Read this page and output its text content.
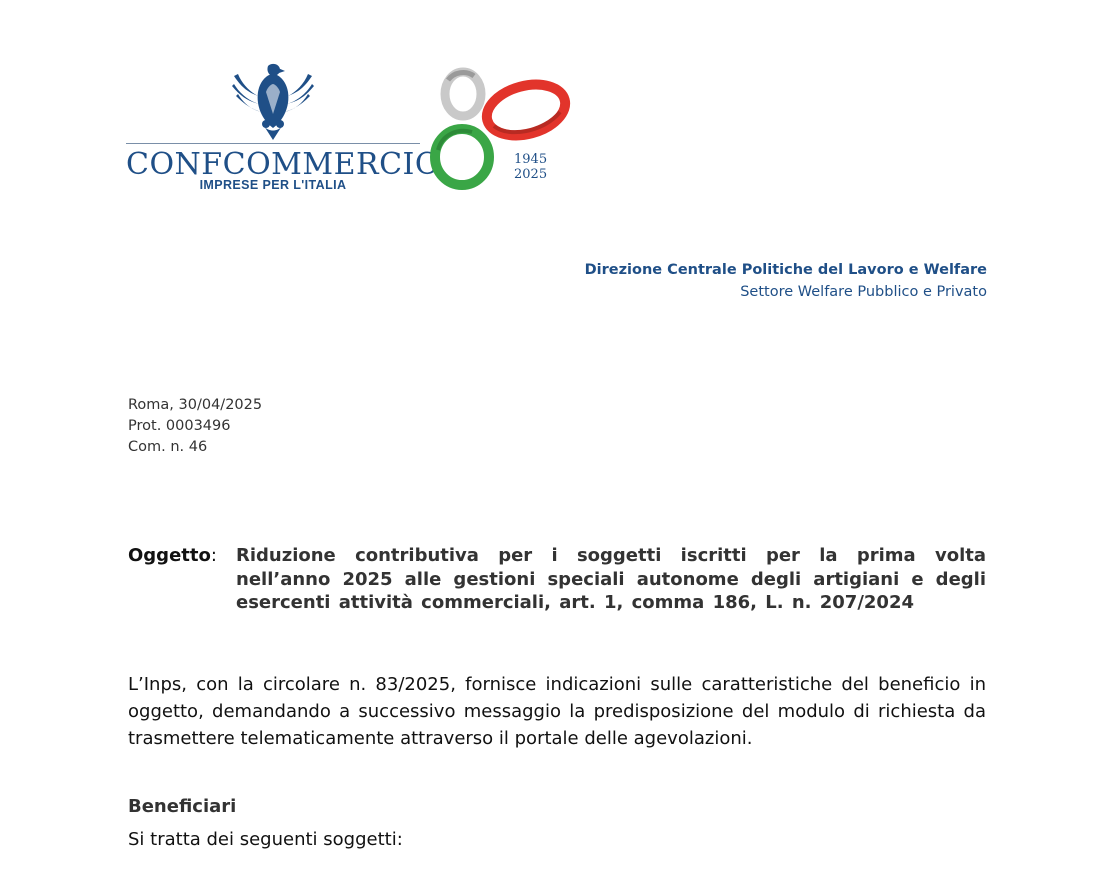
CONFCOMMERCIO
IMPRESE PER L'ITALIA
1945
2025
Direzione Centrale Politiche del Lavoro e Welfare
Settore Welfare Pubblico e Privato
Roma, 30/04/2025
Prot. 0003496
Com. n. 46
Oggetto: Riduzione contributiva per i soggetti iscritti per la prima volta nell’anno 2025 alle gestioni speciali autonome degli artigiani e degli esercenti attività commerciali, art. 1, comma 186, L. n. 207/2024
L’Inps, con la circolare n. 83/2025, fornisce indicazioni sulle caratteristiche del beneficio in oggetto, demandando a successivo messaggio la predisposizione del modulo di richiesta da trasmettere telematicamente attraverso il portale delle agevolazioni.
Beneficiari
Si tratta dei seguenti soggetti:
